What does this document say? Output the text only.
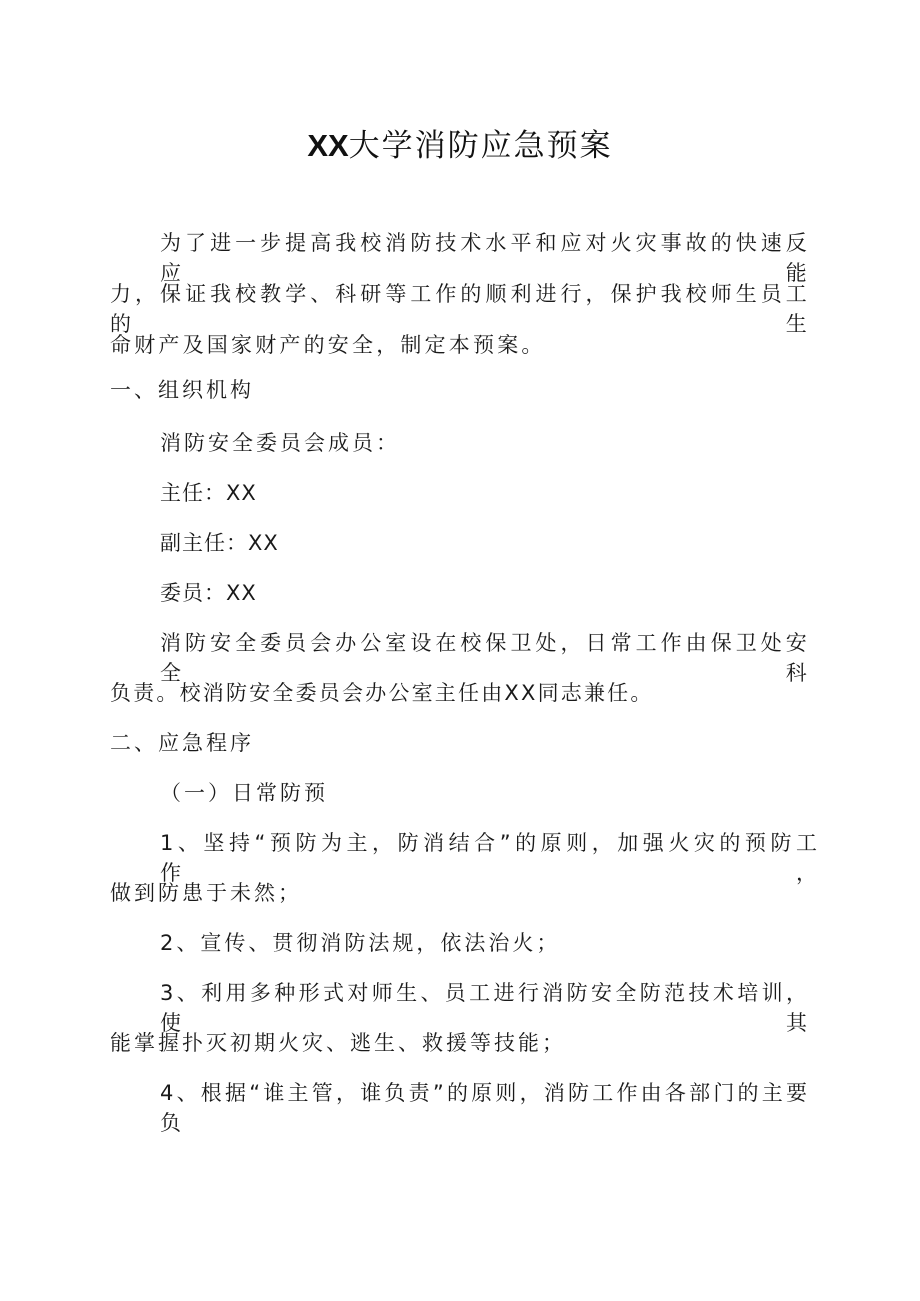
XX大学消防应急预案
为了进一步提高我校消防技术水平和应对火灾事故的快速反应能
力，保证我校教学、科研等工作的顺利进行，保护我校师生员工的生
命财产及国家财产的安全，制定本预案。
一、组织机构
消防安全委员会成员：
主任：XX
副主任：XX
委员：XX
消防安全委员会办公室设在校保卫处，日常工作由保卫处安全科
负责。校消防安全委员会办公室主任由XX同志兼任。
二、应急程序
（一）日常防预
1、坚持“预防为主，防消结合”的原则，加强火灾的预防工作，
做到防患于未然；
2、宣传、贯彻消防法规，依法治火；
3、利用多种形式对师生、员工进行消防安全防范技术培训，使其
能掌握扑灭初期火灾、逃生、救援等技能；
4、根据“谁主管，谁负责”的原则，消防工作由各部门的主要负
